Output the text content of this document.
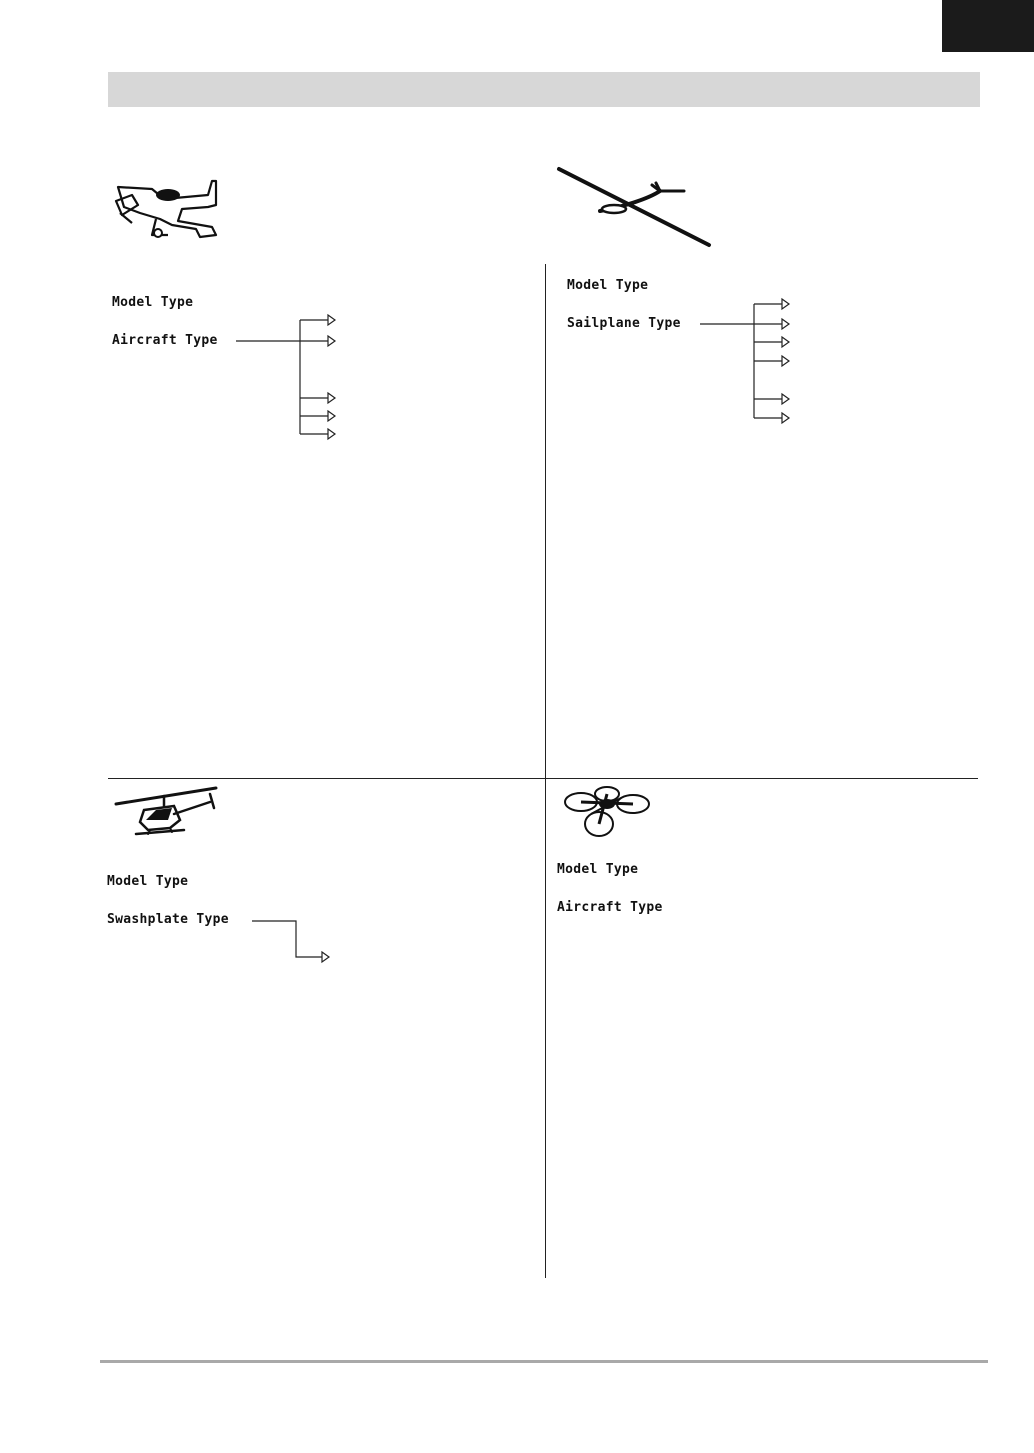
Model Type
Aircraft Type
Model Type
Sailplane Type
Model Type
Swashplate Type
Model Type
Aircraft Type
